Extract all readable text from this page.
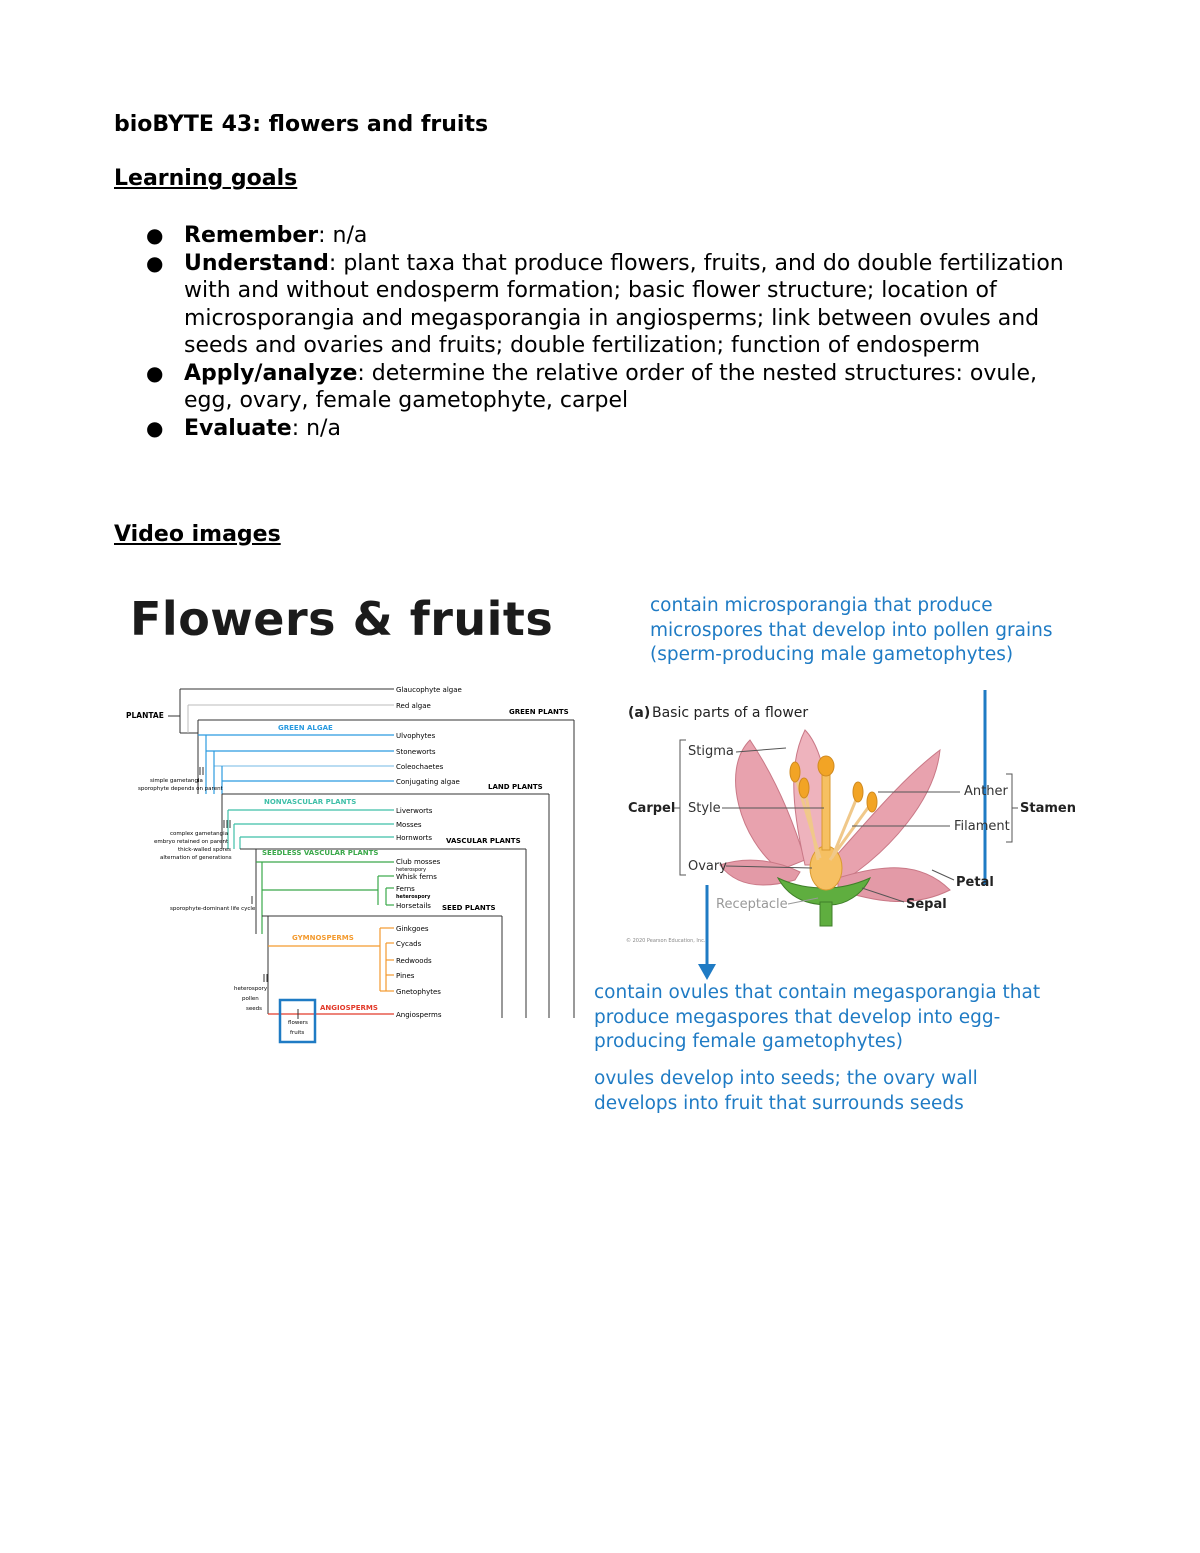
bioBYTE 43: flowers and fruits
Learning goals
● Remember: n/a
● Understand: plant taxa that produce flowers, fruits, and do double fertilization with and without endosperm formation; basic flower structure; location of microsporangia and megasporangia in angiosperms; link between ovules and seeds and ovaries and fruits; double fertilization; function of endosperm
● Apply/analyze: determine the relative order of the nested structures: ovule, egg, ovary, female gametophyte, carpel
● Evaluate: n/a
Video images

Flowers & fruits

PLANTAE
Glaucophyte algae
Red algae
GREEN PLANTS
GREEN ALGAE
Ulvophytes
Stoneworts
Coleochaetes
Conjugating algae
simple gametangia
sporophyte depends on parent	LAND PLANTS
NONVASCULAR PLANTS
Liverworts
Mosses
Hornworts
complex gametangia
embryo retained on parent
thick-walled spores
alternation of generations
VASCULAR PLANTS
SEEDLESS VASCULAR PLANTS
Club mosses
Whisk ferns
Ferns
Horsetails
heterospory
heterospory
sporophyte-dominant life cycle	SEED PLANTS
GYMNOSPERMS
Ginkgoes
Cycads
Redwoods
Pines
Gnetophytes
heterospory
pollen
seeds	ANGIOSPERMS
Angiosperms
flowers
fruits

contain microsporangia that produce microspores that develop into pollen grains (sperm-producing male gametophytes)

(a) Basic parts of a flower
Carpel
Stigma
Style
Ovary
Receptacle
Anther
Filament
Stamen
Petal
Sepal
© 2020 Pearson Education, Inc.

contain ovules that contain megasporangia that produce megaspores that develop into egg-producing female gametophytes)

ovules develop into seeds; the ovary wall develops into fruit that surrounds seeds
